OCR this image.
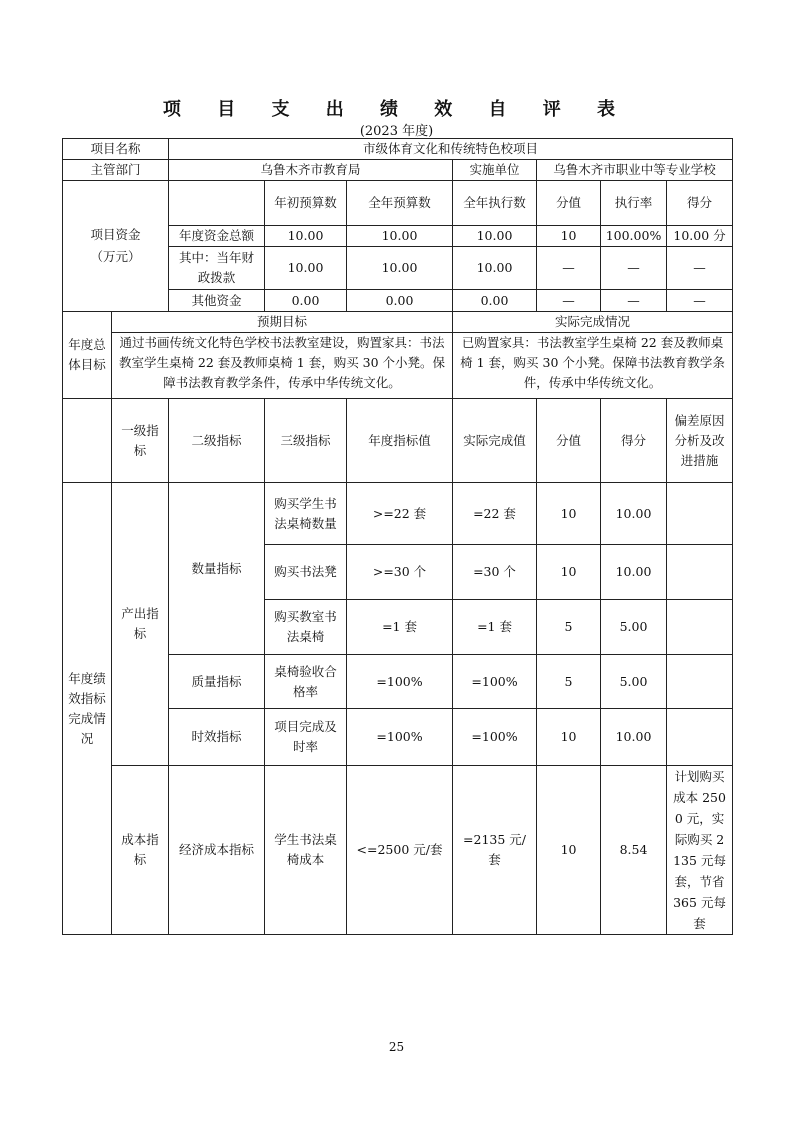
项 目 支 出 绩 效 自 评 表
(2023 年度)
项目名称		市级体育文化和传统特色校项目						
主管部门		乌鲁木齐市教育局			实施单位	乌鲁木齐市职业中等专业学校		
项目资金
（万元）			年初预算数	全年预算数	全年执行数	分值	执行率	得分
		年度资金总额	10.00	10.00	10.00	10	100.00%	10.00 分
		其中：当年财政拨款	10.00	10.00	10.00	—	—	—
		其他资金	0.00	0.00	0.00	—	—	—
年度总体目标	预期目标				实际完成情况			
	通过书画传统文化特色学校书法教室建设，购置家具：书法教室学生桌椅 22 套及教师桌椅 1 套，购买 30 个小凳。保障书法教育教学条件，传承中华传统文化。				已购置家具：书法教室学生桌椅 22 套及教师桌椅 1 套，购买 30 个小凳。保障书法教育教学条件，传承中华传统文化。			
	一级指标	二级指标	三级指标	年度指标值	实际完成值	分值	得分	偏差原因分析及改进措施
年度绩效指标完成情况	产出指标	数量指标	购买学生书法桌椅数量	>=22 套	=22 套	10	10.00	
			购买书法凳	>=30 个	=30 个	10	10.00	
			购买教室书法桌椅	=1 套	=1 套	5	5.00	
		质量指标	桌椅验收合格率	=100%	=100%	5	5.00	
		时效指标	项目完成及时率	=100%	=100%	10	10.00	
	成本指标	经济成本指标	学生书法桌椅成本	<=2500 元/套	=2135 元/套	10	8.54	计划购买成本 2500 元，实际购买 2135 元每套，节省 365 元每套
25
